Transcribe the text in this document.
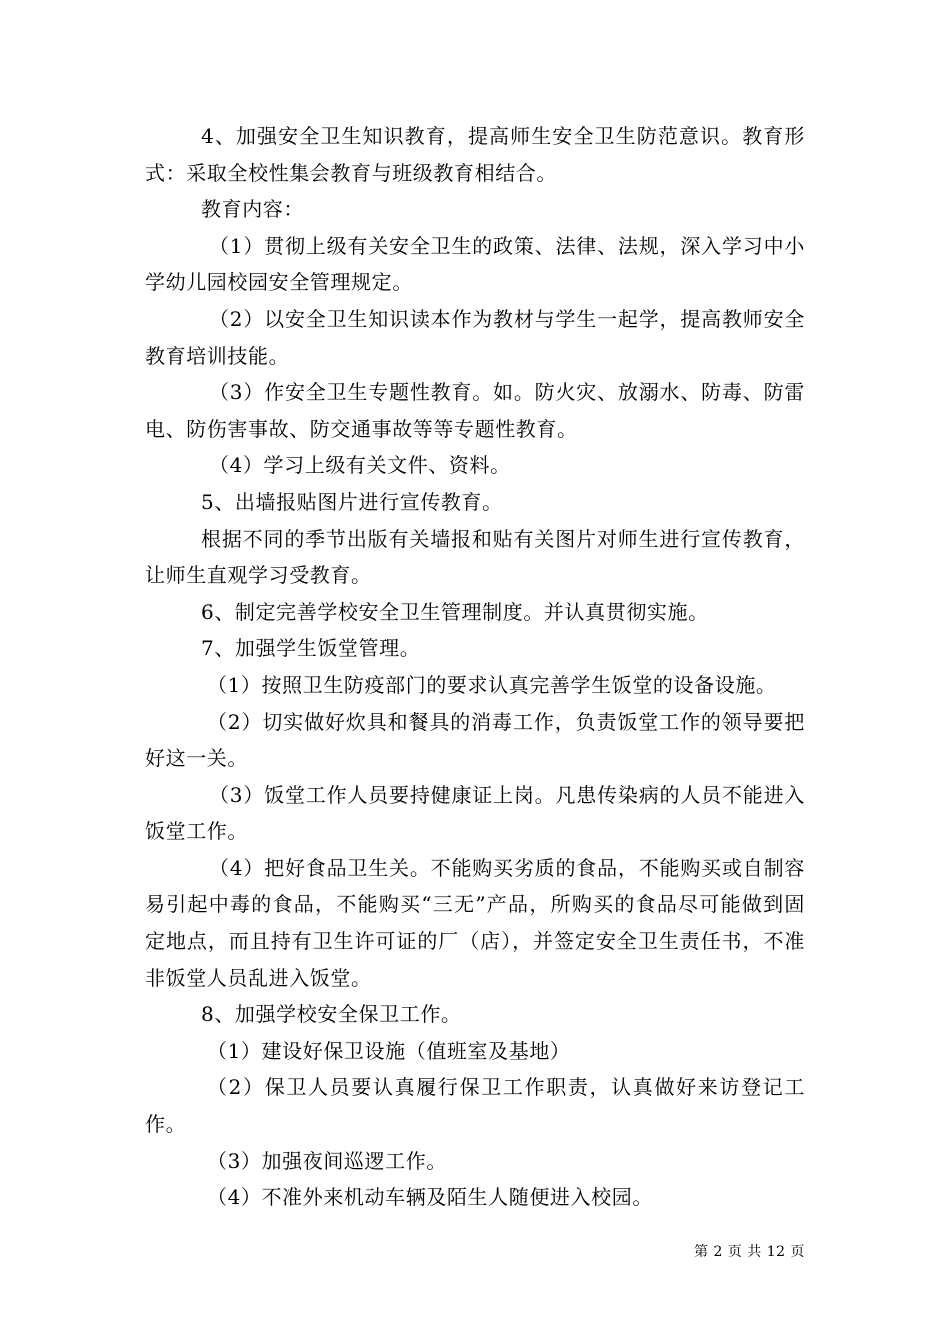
4、加强安全卫生知识教育，提高师生安全卫生防范意识。教育形式：采取全校性集会教育与班级教育相结合。

教育内容：

（1）贯彻上级有关安全卫生的政策、法律、法规，深入学习中小学幼儿园校园安全管理规定。

（2）以安全卫生知识读本作为教材与学生一起学，提高教师安全教育培训技能。

（3）作安全卫生专题性教育。如。防火灾、放溺水、防毒、防雷电、防伤害事故、防交通事故等等专题性教育。

（4）学习上级有关文件、资料。

5、出墙报贴图片进行宣传教育。

根据不同的季节出版有关墙报和贴有关图片对师生进行宣传教育，让师生直观学习受教育。

6、制定完善学校安全卫生管理制度。并认真贯彻实施。

7、加强学生饭堂管理。

（1）按照卫生防疫部门的要求认真完善学生饭堂的设备设施。

（2）切实做好炊具和餐具的消毒工作，负责饭堂工作的领导要把好这一关。

（3）饭堂工作人员要持健康证上岗。凡患传染病的人员不能进入饭堂工作。

（4）把好食品卫生关。不能购买劣质的食品，不能购买或自制容易引起中毒的食品，不能购买“三无”产品，所购买的食品尽可能做到固定地点，而且持有卫生许可证的厂（店），并签定安全卫生责任书，不准非饭堂人员乱进入饭堂。

8、加强学校安全保卫工作。

（1）建设好保卫设施（值班室及基地）

（2）保卫人员要认真履行保卫工作职责，认真做好来访登记工作。

（3）加强夜间巡逻工作。

（4）不准外来机动车辆及陌生人随便进入校园。

第 2 页 共 12 页
